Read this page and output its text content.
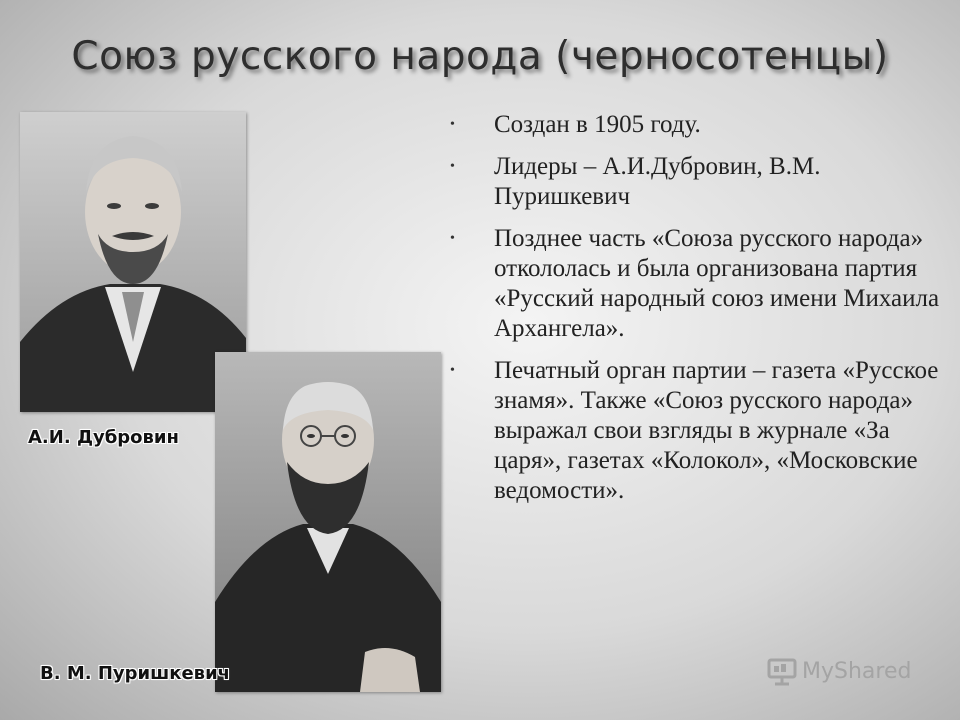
Союз русского народа (черносотенцы)
А.И. Дубровин
В. М. Пуришкевич
• Создан в 1905 году.
• Лидеры – А.И.Дубровин, В.М. Пуришкевич
• Позднее часть «Союза русского народа» откололась и была организована партия «Русский народный союз имени Михаила Архангела».
• Печатный орган партии – газета «Русское знамя». Также «Союз русского народа» выражал свои взгляды в журнале «За царя», газетах «Колокол», «Московские ведомости».
MyShared
